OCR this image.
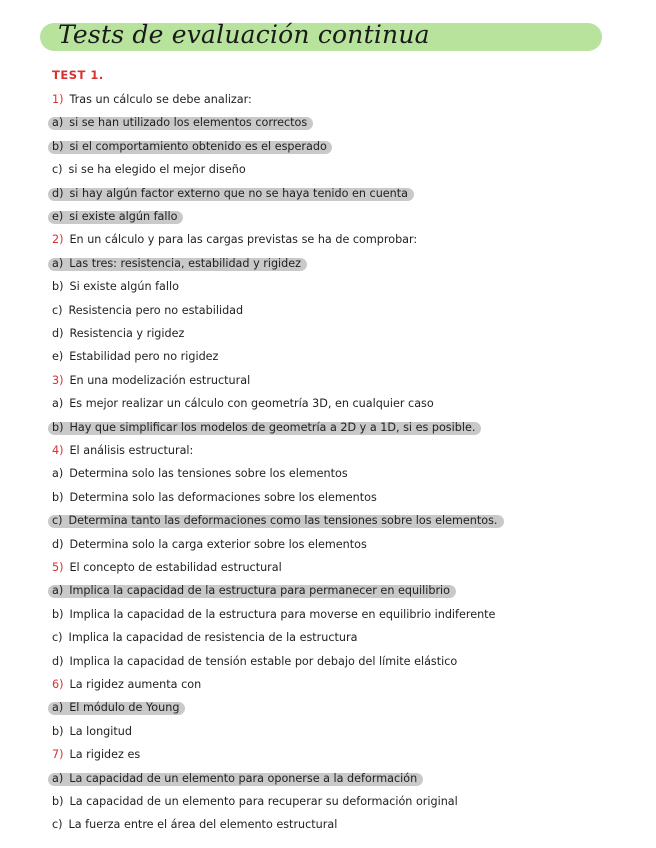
Tests de evaluación continua
TEST 1.
1) Tras un cálculo se debe analizar:
a) si se han utilizado los elementos correctos
b) si el comportamiento obtenido es el esperado
c) si se ha elegido el mejor diseño
d) si hay algún factor externo que no se haya tenido en cuenta
e) si existe algún fallo
2) En un cálculo y para las cargas previstas se ha de comprobar:
a) Las tres: resistencia, estabilidad y rigidez
b) Si existe algún fallo
c) Resistencia pero no estabilidad
d) Resistencia y rigidez
e) Estabilidad pero no rigidez
3) En una modelización estructural
a) Es mejor realizar un cálculo con geometría 3D, en cualquier caso
b) Hay que simplificar los modelos de geometría a 2D y a 1D, si es posible.
4) El análisis estructural:
a) Determina solo las tensiones sobre los elementos
b) Determina solo las deformaciones sobre los elementos
c) Determina tanto las deformaciones como las tensiones sobre los elementos.
d) Determina solo la carga exterior sobre los elementos
5) El concepto de estabilidad estructural
a) Implica la capacidad de la estructura para permanecer en equilibrio
b) Implica la capacidad de la estructura para moverse en equilibrio indiferente
c) Implica la capacidad de resistencia de la estructura
d) Implica la capacidad de tensión estable por debajo del límite elástico
6) La rigidez aumenta con
a) El módulo de Young
b) La longitud
7) La rigidez es
a) La capacidad de un elemento para oponerse a la deformación
b) La capacidad de un elemento para recuperar su deformación original
c) La fuerza entre el área del elemento estructural
